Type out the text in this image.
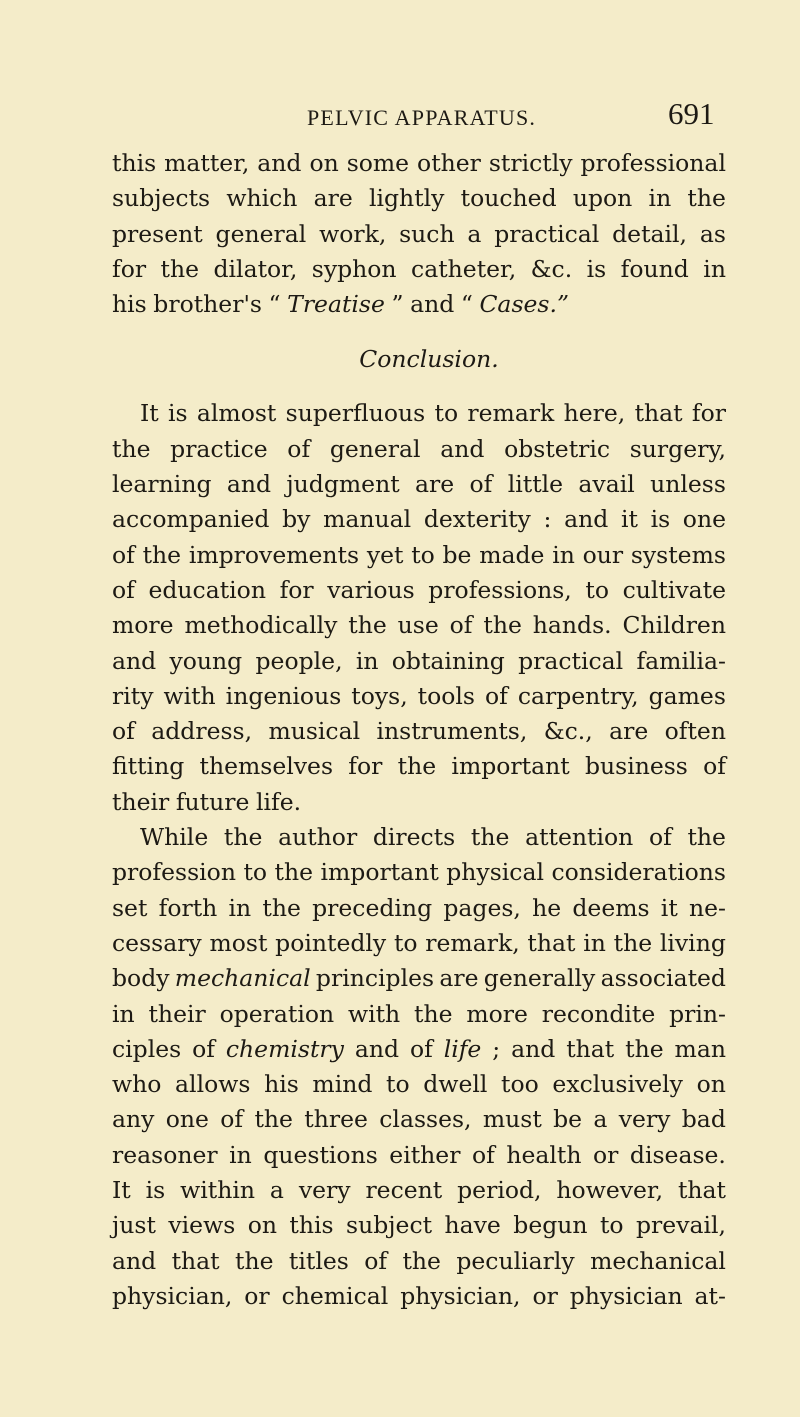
PELVIC APPARATUS.	691
this matter, and on some other strictly professional
subjects which are lightly touched upon in the
present general work, such a practical detail, as
for the dilator, syphon catheter, &c. is found in
his brother's “ Treatise ” and “ Cases.”
Conclusion.
It is almost superfluous to remark here, that for
the practice of general and obstetric surgery,
learning and judgment are of little avail unless
accompanied by manual dexterity : and it is one
of the improvements yet to be made in our systems
of education for various professions, to cultivate
more methodically the use of the hands. Children
and young people, in obtaining practical familia-
rity with ingenious toys, tools of carpentry, games
of address, musical instruments, &c., are often
fitting themselves for the important business of
their future life.
While the author directs the attention of the
profession to the important physical considerations
set forth in the preceding pages, he deems it ne-
cessary most pointedly to remark, that in the living
body mechanical principles are generally associated
in their operation with the more recondite prin-
ciples of chemistry and of life ; and that the man
who allows his mind to dwell too exclusively on
any one of the three classes, must be a very bad
reasoner in questions either of health or disease.
It is within a very recent period, however, that
just views on this subject have begun to prevail,
and that the titles of the peculiarly mechanical
physician, or chemical physician, or physician at-
